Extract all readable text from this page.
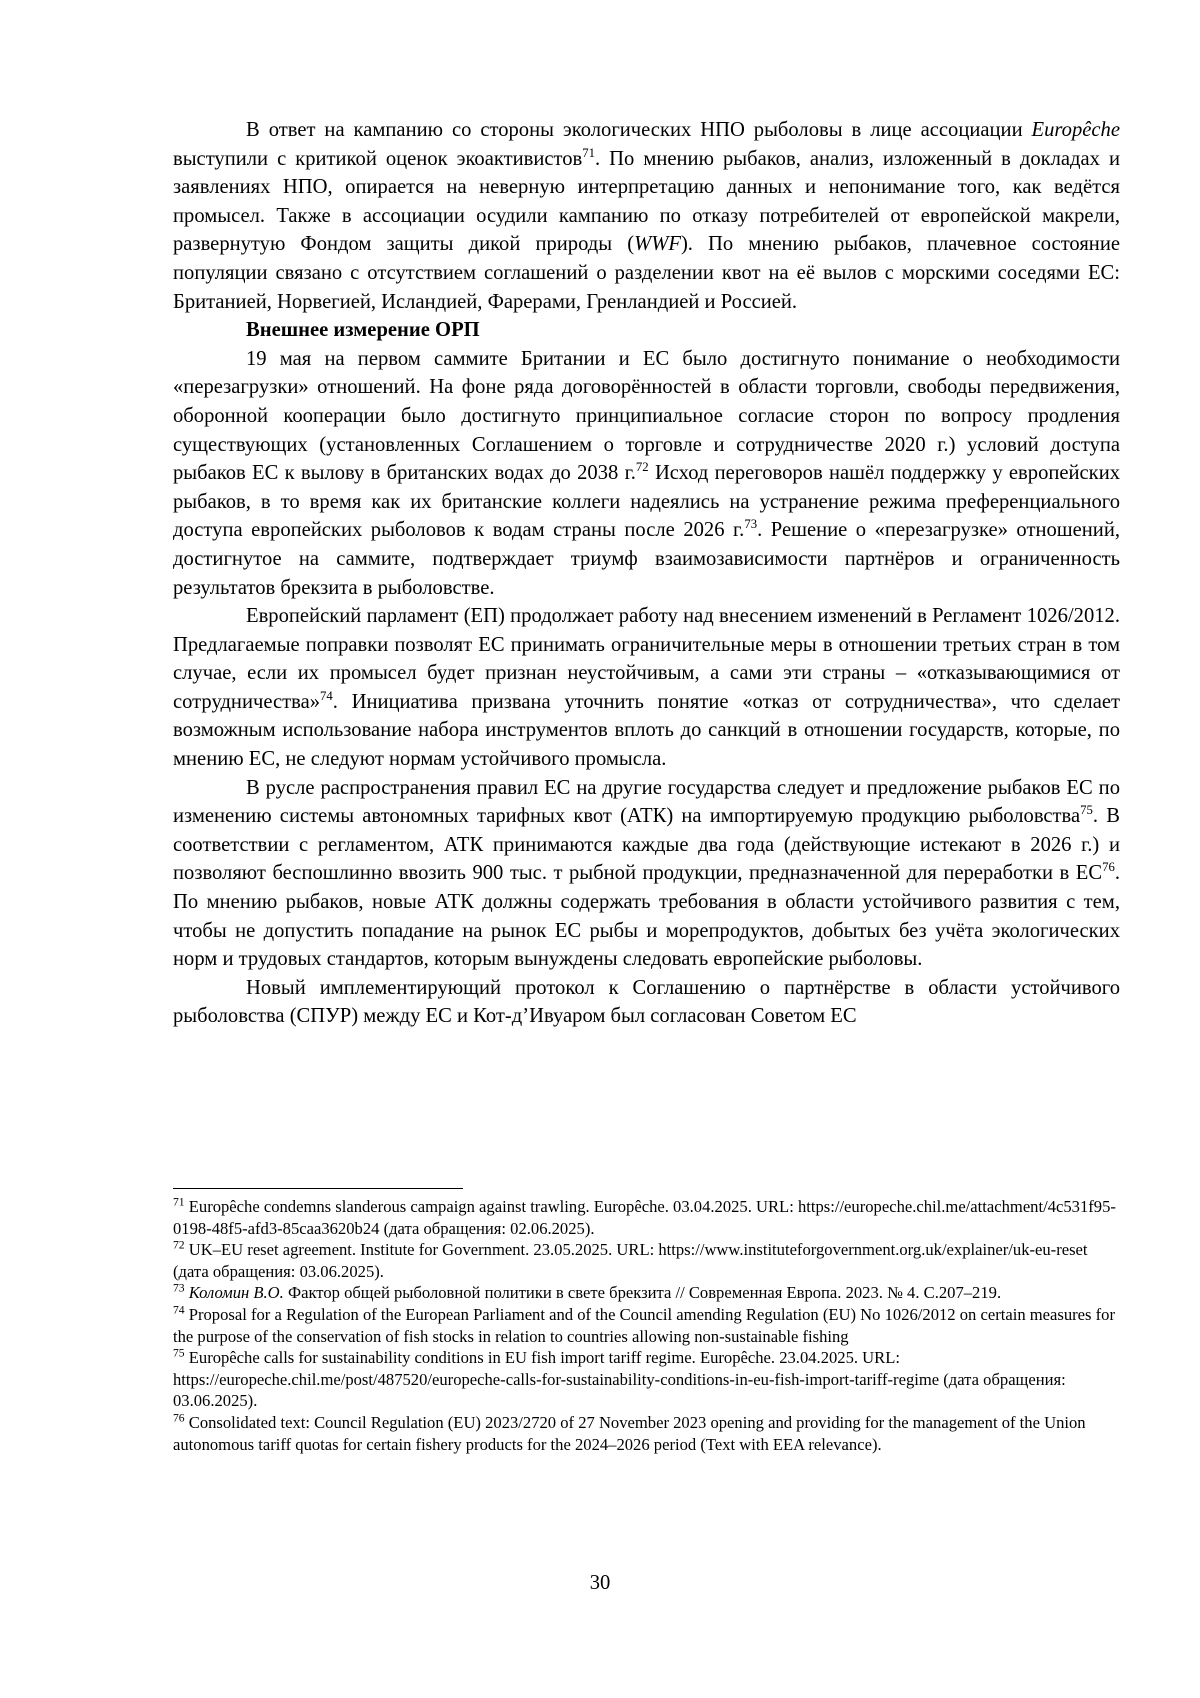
В ответ на кампанию со стороны экологических НПО рыболовы в лице ассоциации Europêche выступили с критикой оценок экоактивистов$^{71}$. По мнению рыбаков, анализ, изложенный в докладах и заявлениях НПО, опирается на неверную интерпретацию данных и непонимание того, как ведётся промысел. Также в ассоциации осудили кампанию по отказу потребителей от европейской макрели, развернутую Фондом защиты дикой природы (WWF). По мнению рыбаков, плачевное состояние популяции связано с отсутствием соглашений о разделении квот на её вылов с морскими соседями ЕС: Британией, Норвегией, Исландией, Фарерами, Гренландией и Россией.

Внешнее измерение ОРП

19 мая на первом саммите Британии и ЕС было достигнуто понимание о необходимости «перезагрузки» отношений. На фоне ряда договорённостей в области торговли, свободы передвижения, оборонной кооперации было достигнуто принципиальное согласие сторон по вопросу продления существующих (установленных Соглашением о торговле и сотрудничестве 2020 г.) условий доступа рыбаков ЕС к вылову в британских водах до 2038 г.$^{72}$ Исход переговоров нашёл поддержку у европейских рыбаков, в то время как их британские коллеги надеялись на устранение режима преференциального доступа европейских рыболовов к водам страны после 2026 г.$^{73}$. Решение о «перезагрузке» отношений, достигнутое на саммите, подтверждает триумф взаимозависимости партнёров и ограниченность результатов брекзита в рыболовстве.

Европейский парламент (ЕП) продолжает работу над внесением изменений в Регламент 1026/2012. Предлагаемые поправки позволят ЕС принимать ограничительные меры в отношении третьих стран в том случае, если их промысел будет признан неустойчивым, а сами эти страны – «отказывающимися от сотрудничества»$^{74}$. Инициатива призвана уточнить понятие «отказ от сотрудничества», что сделает возможным использование набора инструментов вплоть до санкций в отношении государств, которые, по мнению ЕС, не следуют нормам устойчивого промысла.

В русле распространения правил ЕС на другие государства следует и предложение рыбаков ЕС по изменению системы автономных тарифных квот (АТК) на импортируемую продукцию рыболовства$^{75}$. В соответствии с регламентом, АТК принимаются каждые два года (действующие истекают в 2026 г.) и позволяют беспошлинно ввозить 900 тыс. т рыбной продукции, предназначенной для переработки в ЕС$^{76}$. По мнению рыбаков, новые АТК должны содержать требования в области устойчивого развития с тем, чтобы не допустить попадание на рынок ЕС рыбы и морепродуктов, добытых без учёта экологических норм и трудовых стандартов, которым вынуждены следовать европейские рыболовы.

Новый имплементирующий протокол к Соглашению о партнёрстве в области устойчивого рыболовства (СПУР) между ЕС и Кот-д’Ивуаром был согласован Советом ЕС

$^{71}$ Europêche condemns slanderous campaign against trawling. Europêche. 03.04.2025. URL: https://europeche.chil.me/attachment/4c531f95-0198-48f5-afd3-85caa3620b24 (дата обращения: 02.06.2025).

$^{72}$ UK–EU reset agreement. Institute for Government. 23.05.2025. URL: https://www.instituteforgovernment.org.uk/explainer/uk-eu-reset (дата обращения: 03.06.2025).

$^{73}$ Коломин В.О. Фактор общей рыболовной политики в свете брекзита // Современная Европа. 2023. № 4. С.207–219.

$^{74}$ Proposal for a Regulation of the European Parliament and of the Council amending Regulation (EU) No 1026/2012 on certain measures for the purpose of the conservation of fish stocks in relation to countries allowing non-sustainable fishing

$^{75}$ Europêche calls for sustainability conditions in EU fish import tariff regime. Europêche. 23.04.2025. URL: https://europeche.chil.me/post/487520/europeche-calls-for-sustainability-conditions-in-eu-fish-import-tariff-regime (дата обращения: 03.06.2025).

$^{76}$ Consolidated text: Council Regulation (EU) 2023/2720 of 27 November 2023 opening and providing for the management of the Union autonomous tariff quotas for certain fishery products for the 2024–2026 period (Text with EEA relevance).

30
